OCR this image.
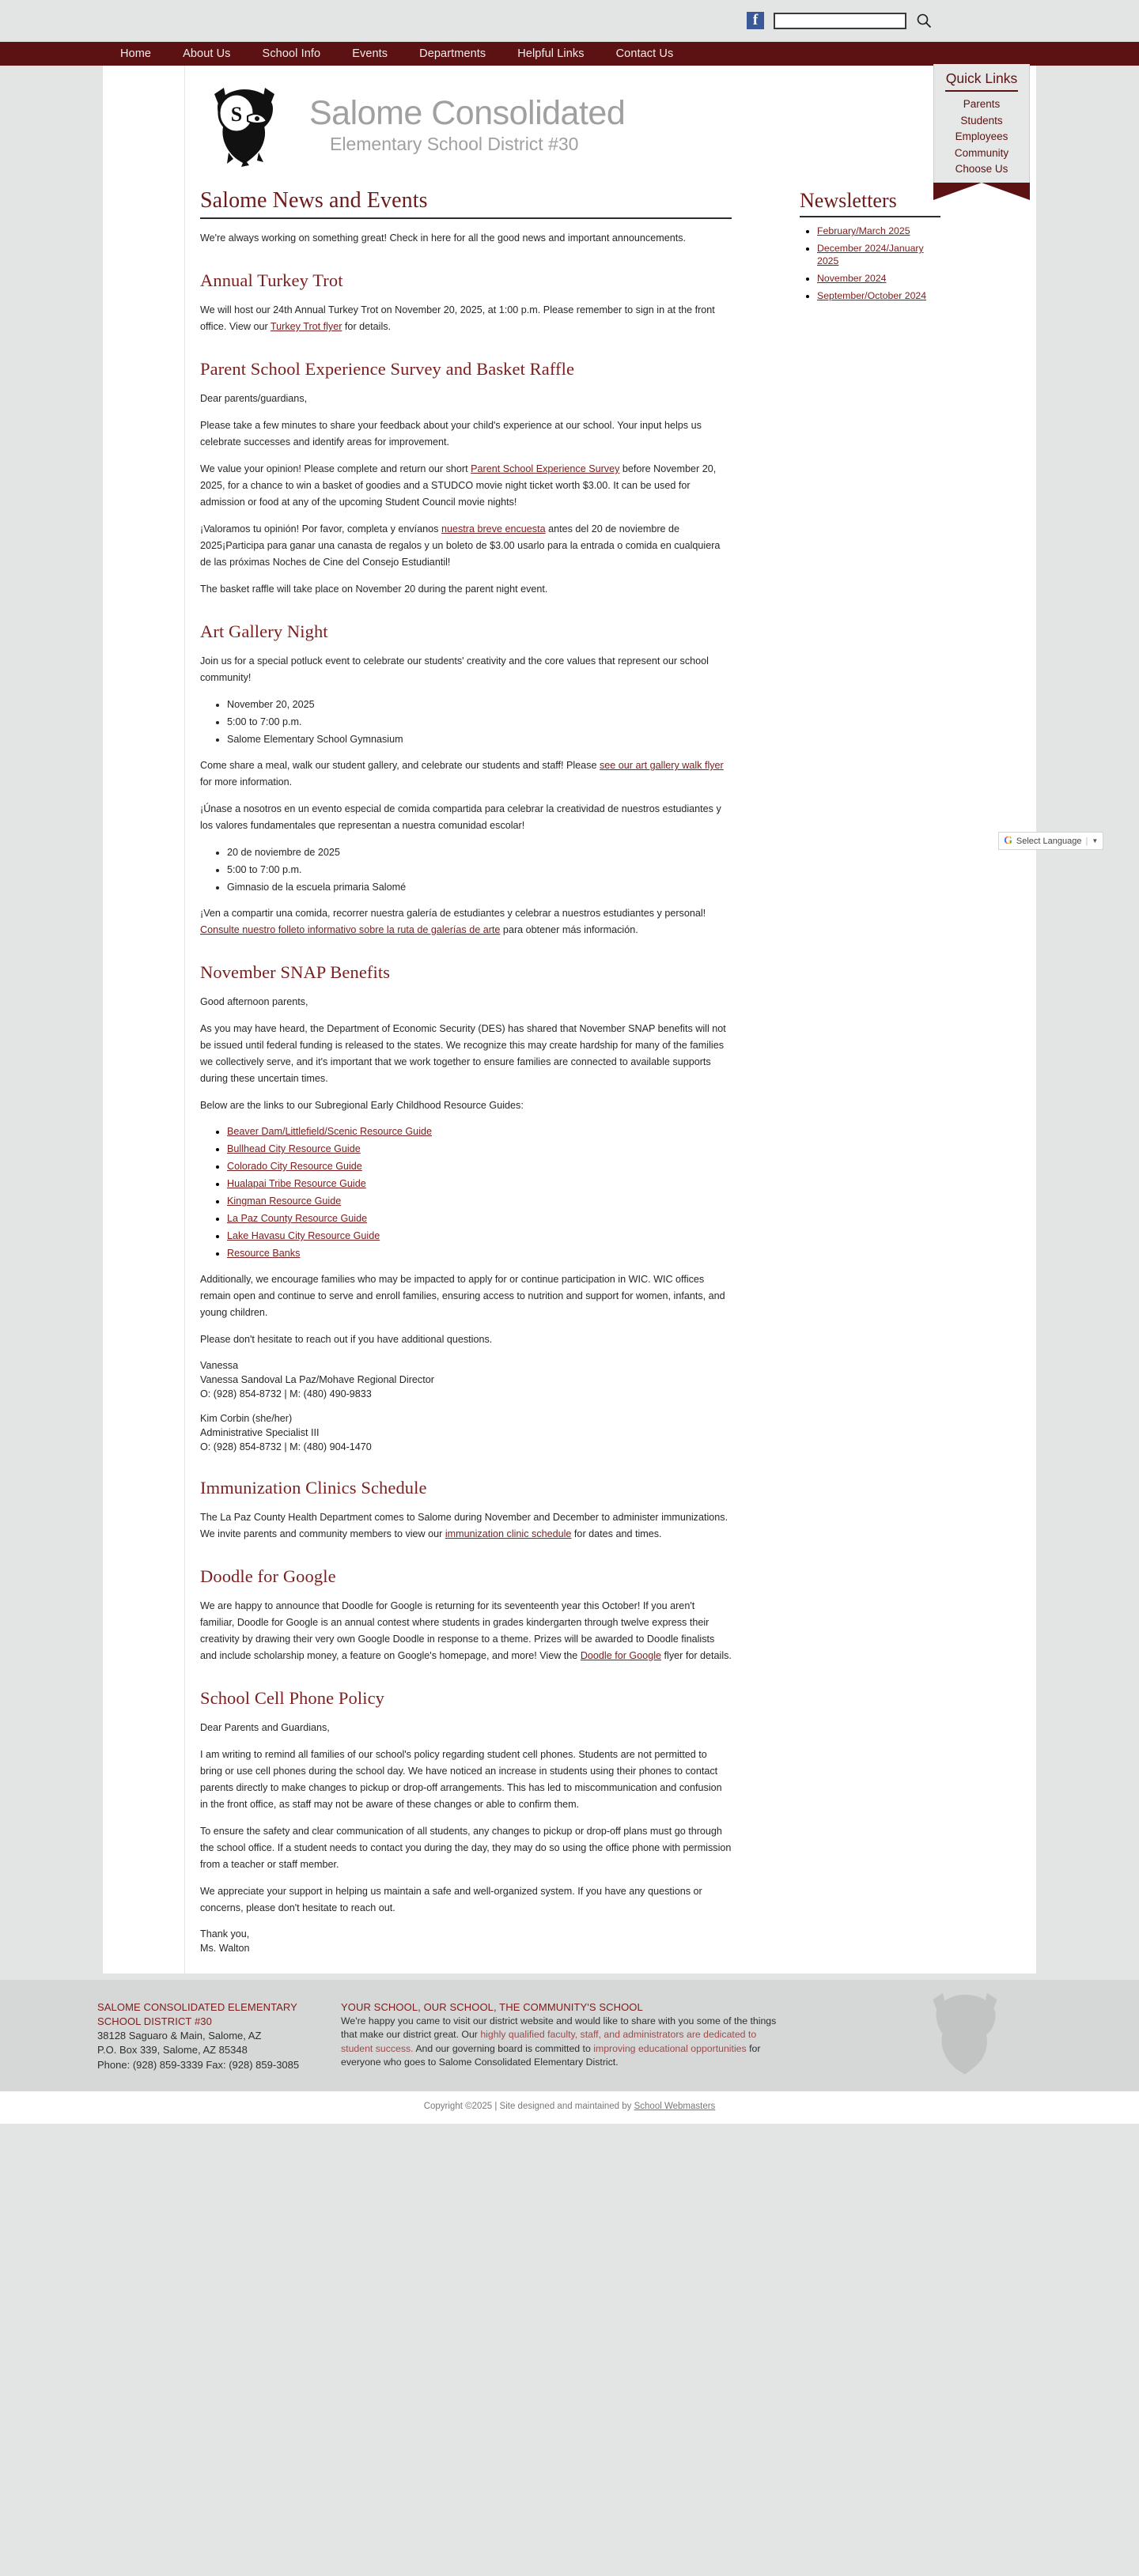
f
Home	About Us	School Info	Events	Departments	Helpful Links	Contact Us
Quick Links
Parents
Students
Employees
Community
Choose Us
S Salome Consolidated
Elementary School District #30
Salome News and Events

We're always working on something great! Check in here for all the good news and important announcements.

Annual Turkey Trot

We will host our 24th Annual Turkey Trot on November 20, 2025, at 1:00 p.m. Please remember to sign in at the front office. View our Turkey Trot flyer for details.

Parent School Experience Survey and Basket Raffle

Dear parents/guardians,

Please take a few minutes to share your feedback about your child's experience at our school. Your input helps us celebrate successes and identify areas for improvement.

We value your opinion! Please complete and return our short Parent School Experience Survey before November 20, 2025, for a chance to win a basket of goodies and a STUDCO movie night ticket worth $3.00. It can be used for admission or food at any of the upcoming Student Council movie nights!

¡Valoramos tu opinión! Por favor, completa y envíanos nuestra breve encuesta antes del 20 de noviembre de 2025¡Participa para ganar una canasta de regalos y un boleto de $3.00 usarlo para la entrada o comida en cualquiera de las próximas Noches de Cine del Consejo Estudiantil!

The basket raffle will take place on November 20 during the parent night event.

Art Gallery Night

Join us for a special potluck event to celebrate our students' creativity and the core values that represent our school community!

• November 20, 2025
• 5:00 to 7:00 p.m.
• Salome Elementary School Gymnasium

Come share a meal, walk our student gallery, and celebrate our students and staff! Please see our art gallery walk flyer for more information.

¡Únase a nosotros en un evento especial de comida compartida para celebrar la creatividad de nuestros estudiantes y los valores fundamentales que representan a nuestra comunidad escolar!

• 20 de noviembre de 2025
• 5:00 to 7:00 p.m.
• Gimnasio de la escuela primaria Salomé

¡Ven a compartir una comida, recorrer nuestra galería de estudiantes y celebrar a nuestros estudiantes y personal! Consulte nuestro folleto informativo sobre la ruta de galerías de arte para obtener más información.

November SNAP Benefits

Good afternoon parents,

As you may have heard, the Department of Economic Security (DES) has shared that November SNAP benefits will not be issued until federal funding is released to the states. We recognize this may create hardship for many of the families we collectively serve, and it's important that we work together to ensure families are connected to available supports during these uncertain times.

Below are the links to our Subregional Early Childhood Resource Guides:

• Beaver Dam/Littlefield/Scenic Resource Guide
• Bullhead City Resource Guide
• Colorado City Resource Guide
• Hualapai Tribe Resource Guide
• Kingman Resource Guide
• La Paz County Resource Guide
• Lake Havasu City Resource Guide
• Resource Banks

Additionally, we encourage families who may be impacted to apply for or continue participation in WIC. WIC offices remain open and continue to serve and enroll families, ensuring access to nutrition and support for women, infants, and young children.

Please don't hesitate to reach out if you have additional questions.

Vanessa
Vanessa Sandoval La Paz/Mohave Regional Director
O: (928) 854-8732 | M: (480) 490-9833
Kim Corbin (she/her)
Administrative Specialist III
O: (928) 854-8732 | M: (480) 904-1470
Immunization Clinics Schedule

The La Paz County Health Department comes to Salome during November and December to administer immunizations. We invite parents and community members to view our immunization clinic schedule for dates and times.

Doodle for Google

We are happy to announce that Doodle for Google is returning for its seventeenth year this October! If you aren't familiar, Doodle for Google is an annual contest where students in grades kindergarten through twelve express their creativity by drawing their very own Google Doodle in response to a theme. Prizes will be awarded to Doodle finalists and include scholarship money, a feature on Google's homepage, and more! View the Doodle for Google flyer for details.

School Cell Phone Policy

Dear Parents and Guardians,

I am writing to remind all families of our school's policy regarding student cell phones. Students are not permitted to bring or use cell phones during the school day. We have noticed an increase in students using their phones to contact parents directly to make changes to pickup or drop-off arrangements. This has led to miscommunication and confusion in the front office, as staff may not be aware of these changes or able to confirm them.

To ensure the safety and clear communication of all students, any changes to pickup or drop-off plans must go through the school office. If a student needs to contact you during the day, they may do so using the office phone with permission from a teacher or staff member.

We appreciate your support in helping us maintain a safe and well-organized system. If you have any questions or concerns, please don't hesitate to reach out.

Thank you,
Ms. Walton
Newsletters
• February/March 2025
• December 2024/January 2025
• November 2024
• September/October 2024
G Select Language | ▼
SALOME CONSOLIDATED ELEMENTARY
SCHOOL DISTRICT #30
38128 Saguaro & Main, Salome, AZ
P.O. Box 339, Salome, AZ 85348
Phone: (928) 859-3339 Fax: (928) 859-3085
YOUR SCHOOL, OUR SCHOOL, THE COMMUNITY'S SCHOOL
We're happy you came to visit our district website and would like to share with you some of the things that make our district great. Our highly qualified faculty, staff, and administrators are dedicated to student success. And our governing board is committed to improving educational opportunities for everyone who goes to Salome Consolidated Elementary District.
Copyright ©2025 | Site designed and maintained by School Webmasters
